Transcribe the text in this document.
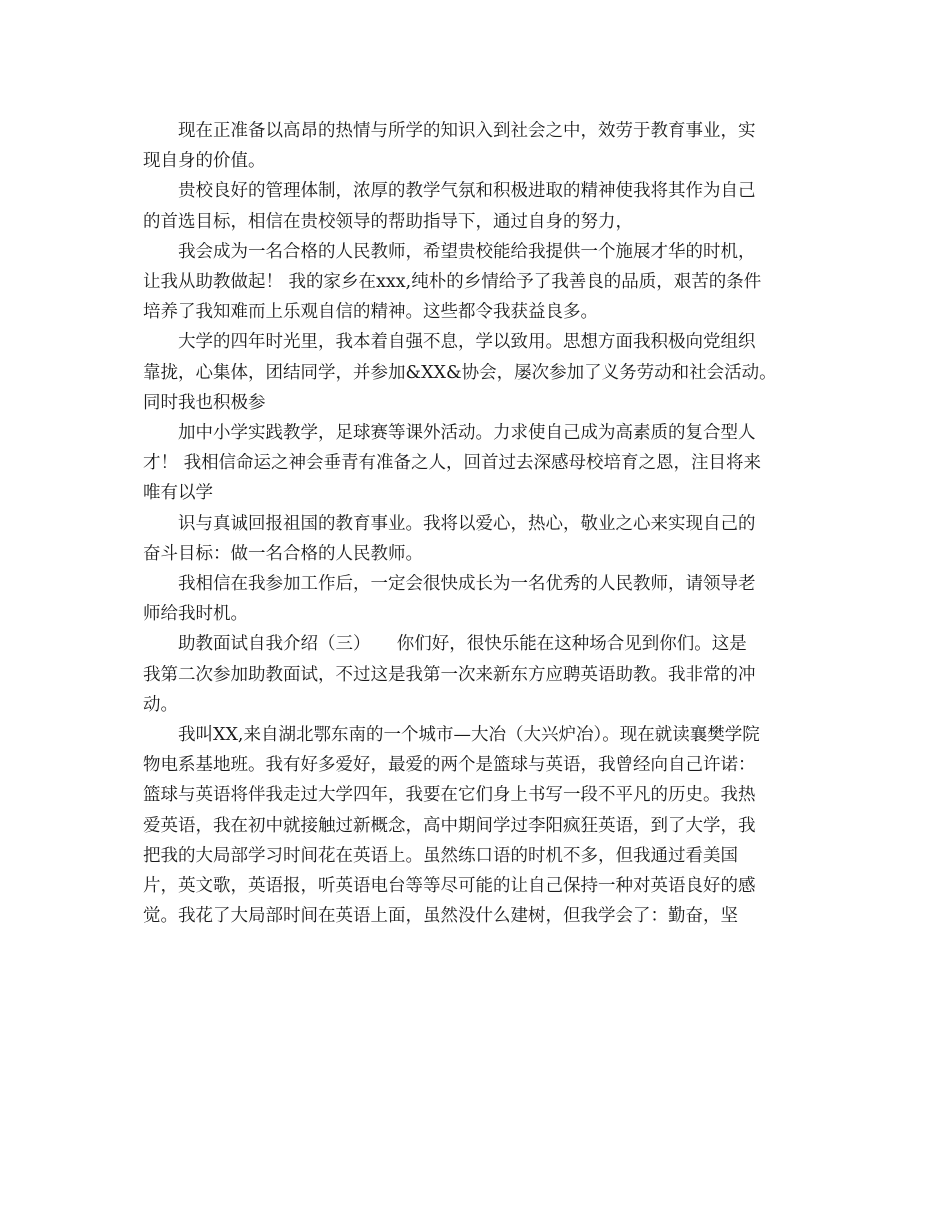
现在正准备以高昂的热情与所学的知识入到社会之中，效劳于教育事业，实
现自身的价值。

贵校良好的管理体制，浓厚的教学气氛和积极进取的精神使我将其作为自己
的首选目标，相信在贵校领导的帮助指导下，通过自身的努力，

我会成为一名合格的人民教师，希望贵校能给我提供一个施展才华的时机，
让我从助教做起！ 我的家乡在xxx,纯朴的乡情给予了我善良的品质，艰苦的条件
培养了我知难而上乐观自信的精神。这些都令我获益良多。

大学的四年时光里，我本着自强不息，学以致用。思想方面我积极向党组织
靠拢，心集体，团结同学，并参加&XX&协会，屡次参加了义务劳动和社会活动。
同时我也积极参

加中小学实践教学，足球赛等课外活动。力求使自己成为高素质的复合型人
才！ 我相信命运之神会垂青有准备之人，回首过去深感母校培育之恩，注目将来
唯有以学

识与真诚回报祖国的教育事业。我将以爱心，热心，敬业之心来实现自己的
奋斗目标：做一名合格的人民教师。

我相信在我参加工作后，一定会很快成长为一名优秀的人民教师，请领导老
师给我时机。

助教面试自我介绍（三）　　你们好，很快乐能在这种场合见到你们。这是
我第二次参加助教面试，不过这是我第一次来新东方应聘英语助教。我非常的冲
动。

我叫XX,来自湖北鄂东南的一个城市—大冶（大兴炉冶）。现在就读襄樊学院
物电系基地班。我有好多爱好，最爱的两个是篮球与英语，我曾经向自己许诺：
篮球与英语将伴我走过大学四年，我要在它们身上书写一段不平凡的历史。我热
爱英语，我在初中就接触过新概念，高中期间学过李阳疯狂英语，到了大学，我
把我的大局部学习时间花在英语上。虽然练口语的时机不多，但我通过看美国
片，英文歌，英语报，听英语电台等等尽可能的让自己保持一种对英语良好的感
觉。我花了大局部时间在英语上面，虽然没什么建树，但我学会了：勤奋，坚
